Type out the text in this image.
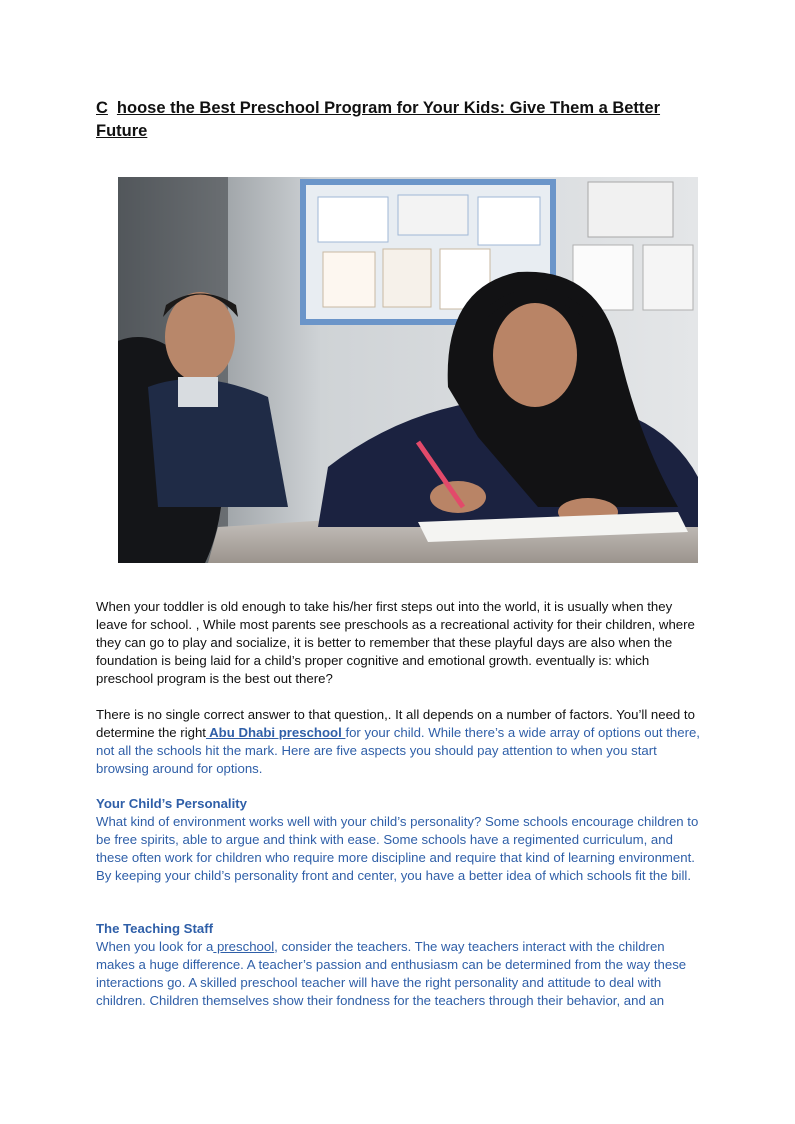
C hoose the Best Preschool Program for Your Kids: Give Them a Better Future

When your toddler is old enough to take his/her first steps out into the world, it is usually when they leave for school. , While most parents see preschools as a recreational activity for their children, where they can go to play and socialize, it is better to remember that these playful days are also when the foundation is being laid for a child’s proper cognitive and emotional growth. eventually is: which preschool program is the best out there?

There is no single correct answer to that question,. It all depends on a number of factors. You’ll need to determine the right Abu Dhabi preschool for your child. While there’s a wide array of options out there, not all the schools hit the mark. Here are five aspects you should pay attention to when you start browsing around for options.

Your Child’s Personality
What kind of environment works well with your child’s personality? Some schools encourage children to be free spirits, able to argue and think with ease. Some schools have a regimented curriculum, and these often work for children who require more discipline and require that kind of learning environment. By keeping your child’s personality front and center, you have a better idea of which schools fit the bill.
The Teaching Staff
When you look for a preschool, consider the teachers. The way teachers interact with the children makes a huge difference. A teacher’s passion and enthusiasm can be determined from the way these interactions go. A skilled preschool teacher will have the right personality and attitude to deal with children. Children themselves show their fondness for the teachers through their behavior, and an
